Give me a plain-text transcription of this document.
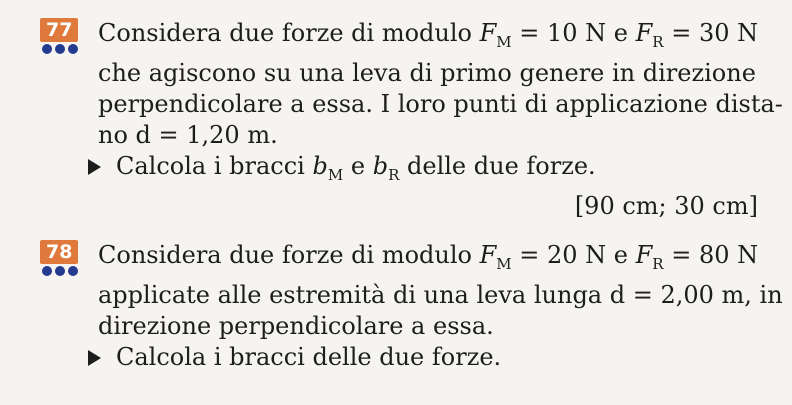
77	Considera due forze di modulo $F_M = 10$ N e $F_R = 30$ N
che agiscono su una leva di primo genere in direzione
perpendicolare a essa. I loro punti di applicazione dista-
no d = 1,20 m.
Calcola i bracci $b_M$ e $b_R$ delle due forze.
[90 cm; 30 cm]
78	Considera due forze di modulo $F_M = 20$ N e $F_R = 80$ N
applicate alle estremità di una leva lunga d = 2,00 m, in
direzione perpendicolare a essa.
Calcola i bracci delle due forze.
